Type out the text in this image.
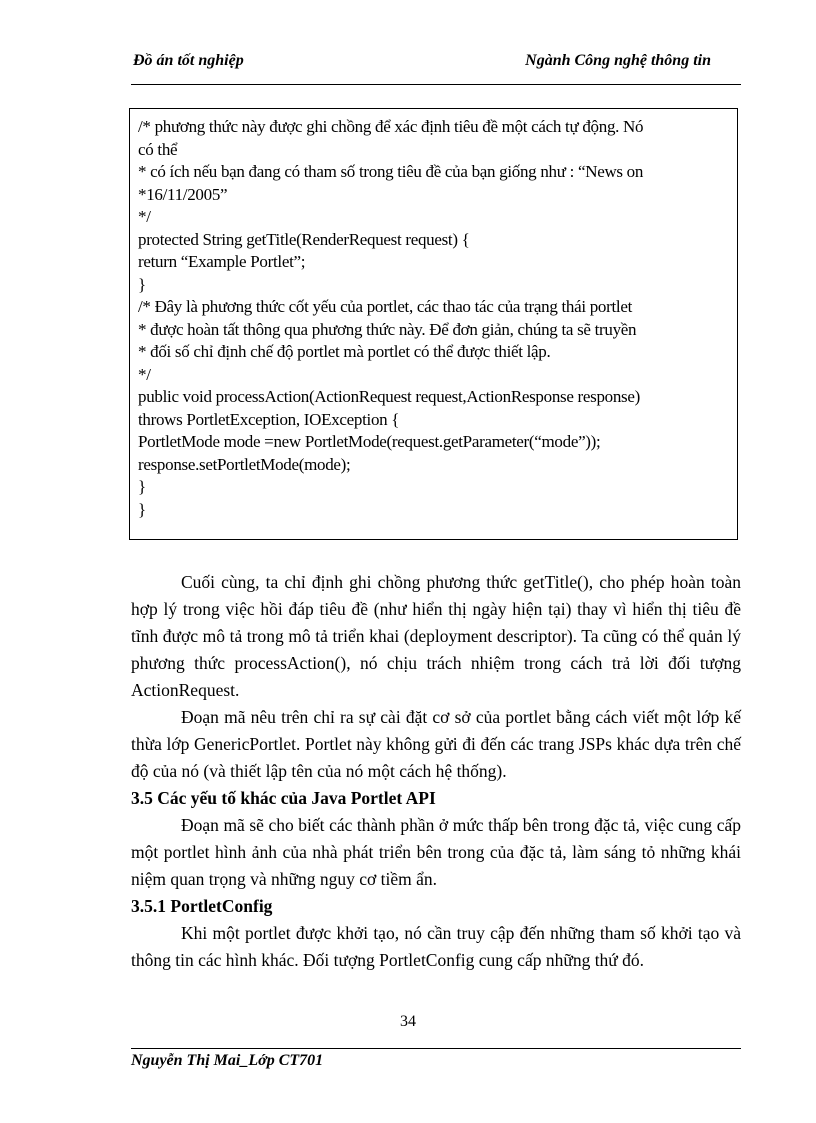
Đồ án tốt nghiệp	Ngành Công nghệ thông tin
/* phương thức này được ghi chồng để xác định tiêu đề một cách tự động. Nó
có thể
* có ích nếu bạn đang có tham số trong tiêu đề của bạn giống như : “News on
*16/11/2005”
*/
protected String getTitle(RenderRequest request) {
return “Example Portlet”;
}
/* Đây là phương thức cốt yếu của portlet, các thao tác của trạng thái portlet
* được hoàn tất thông qua phương thức này. Để đơn giản, chúng ta sẽ truyền
* đối số chỉ định chế độ portlet mà portlet có thể được thiết lập.
*/
public void processAction(ActionRequest request,ActionResponse response)
throws PortletException, IOException {
PortletMode mode =new PortletMode(request.getParameter(“mode”));
response.setPortletMode(mode);
}
}

Cuối cùng, ta chỉ định ghi chồng phương thức getTitle(), cho phép hoàn toàn hợp lý trong việc hồi đáp tiêu đề (như hiển thị ngày hiện tại) thay vì hiển thị tiêu đề tĩnh được mô tả trong mô tả triển khai (deployment descriptor). Ta cũng có thể quản lý phương thức processAction(), nó chịu trách nhiệm trong cách trả lời đối tượng ActionRequest.

Đoạn mã nêu trên chỉ ra sự cài đặt cơ sở của portlet bằng cách viết một lớp kế thừa lớp GenericPortlet. Portlet này không gửi đi đến các trang JSPs khác dựa trên chế độ của nó (và thiết lập tên của nó một cách hệ thống).

3.5 Các yếu tố khác của Java Portlet API

Đoạn mã sẽ cho biết các thành phần ở mức thấp bên trong đặc tả, việc cung cấp một portlet hình ảnh của nhà phát triển bên trong của đặc tả, làm sáng tỏ những khái niệm quan trọng và những nguy cơ tiềm ẩn.

3.5.1 PortletConfig

Khi một portlet được khởi tạo, nó cần truy cập đến những tham số khởi tạo và thông tin các hình khác. Đối tượng PortletConfig cung cấp những thứ đó.

34
Nguyễn Thị Mai_Lớp CT701
